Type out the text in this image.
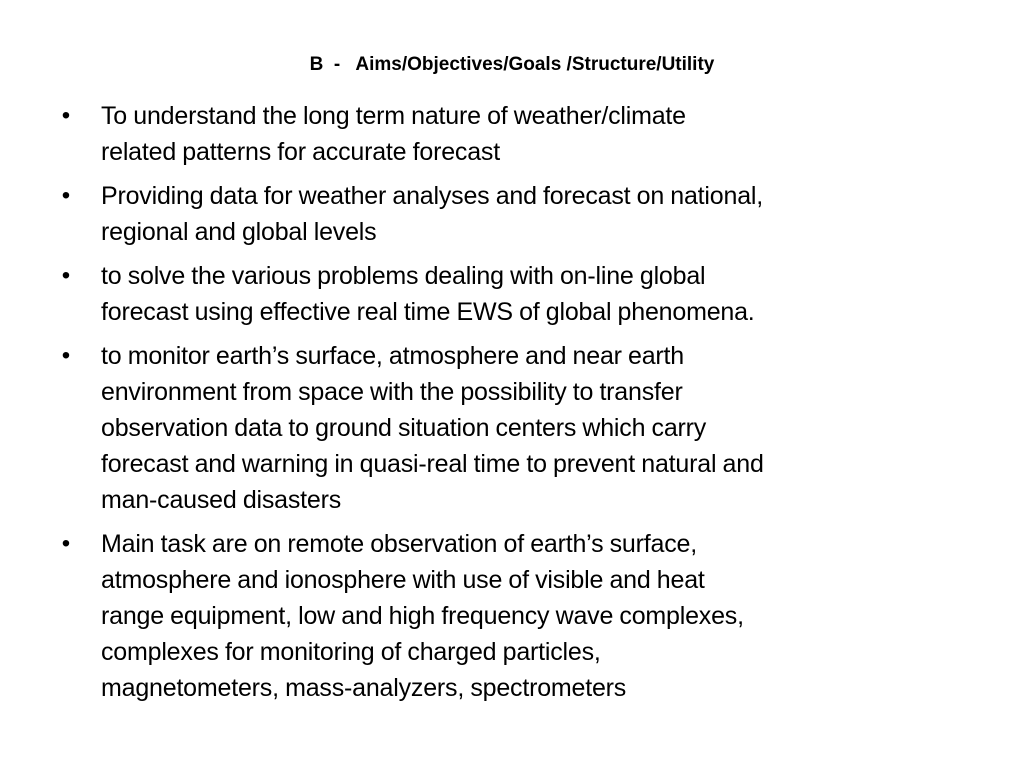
B  -   Aims/Objectives/Goals /Structure/Utility
• To understand the long term nature of weather/climate
related patterns for accurate forecast
• Providing data for weather analyses and forecast on national,
regional and global levels
• to solve the various problems dealing with on-line global
forecast using effective real time EWS of global phenomena.
• to monitor earth’s surface, atmosphere and near earth
environment from space with the possibility to transfer
observation data to ground situation centers which carry
forecast and warning in quasi-real time to prevent natural and
man-caused disasters
• Main task are on remote observation of earth’s surface,
atmosphere and ionosphere with use of visible and heat
range equipment, low and high frequency wave complexes,
complexes for monitoring of charged particles,
magnetometers, mass-analyzers, spectrometers
